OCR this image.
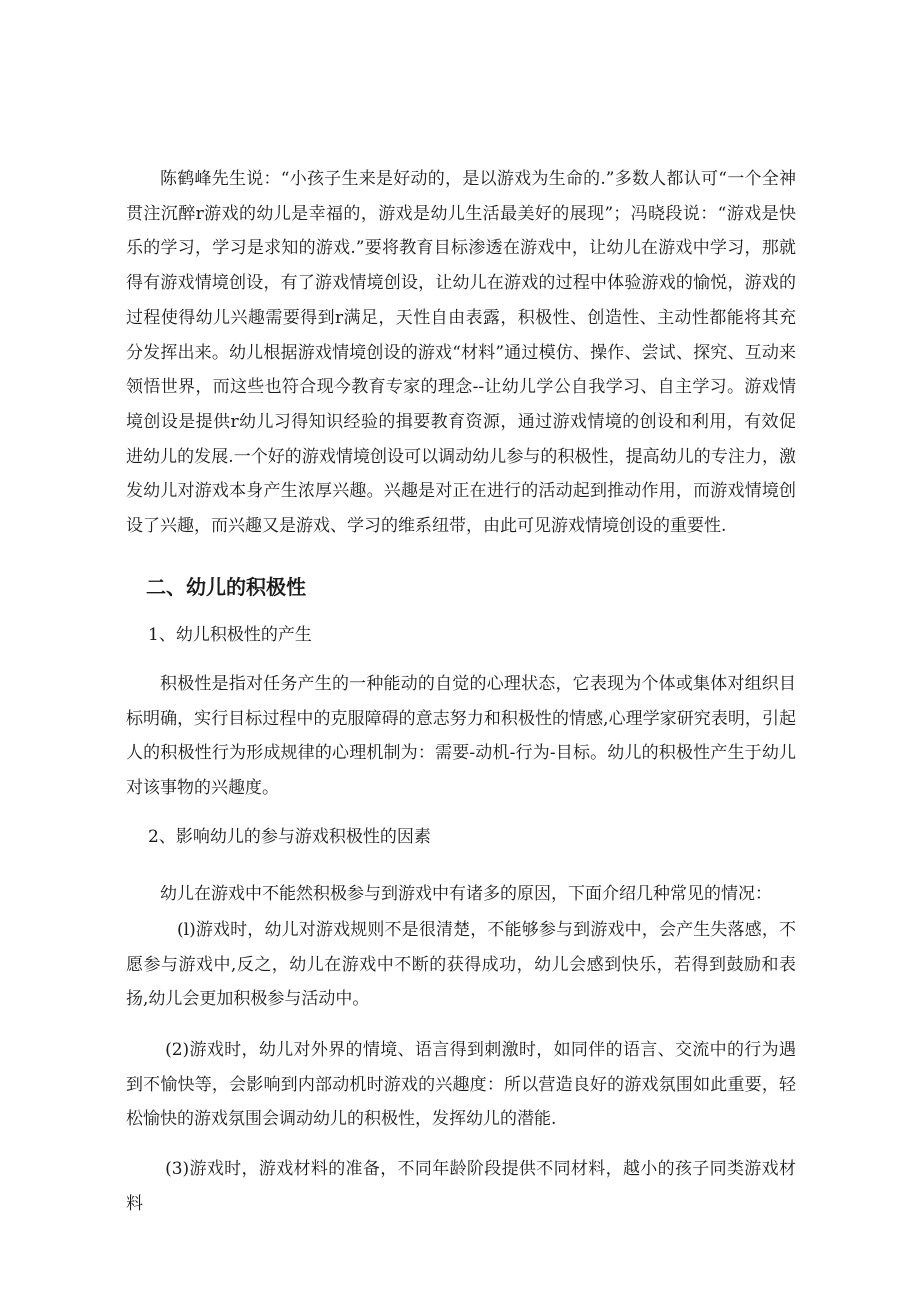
陈鹤峰先生说：“小孩子生来是好动的，是以游戏为生命的.”多数人都认可“一个全神贯注沉醉r游戏的幼儿是幸福的，游戏是幼儿生活最美好的展现”；冯晓段说：“游戏是快乐的学习，学习是求知的游戏.”要将教育目标渗透在游戏中，让幼儿在游戏中学习，那就得有游戏情境创设，有了游戏情境创设，让幼儿在游戏的过程中体验游戏的愉悦，游戏的过程使得幼儿兴趣需要得到r满足，天性自由表露，积极性、创造性、主动性都能将其充分发挥出来。幼儿根据游戏情境创设的游戏“材料”通过模仿、操作、尝试、探究、互动来领悟世界，而这些也符合现今教育专家的理念--让幼儿学公自我学习、自主学习。游戏情境创设是提供r幼儿习得知识经验的揖要教育资源，通过游戏情境的创设和利用，有效促进幼儿的发展.一个好的游戏情境创设可以调动幼儿参与的积极性，提高幼儿的专注力，激发幼儿对游戏本身产生浓厚兴趣。兴趣是对正在进行的活动起到推动作用，而游戏情境创设了兴趣，而兴趣又是游戏、学习的维系纽带，由此可见游戏情境创设的重要性.

二、幼儿的积极性
1、幼儿积极性的产生

积极性是指对任务产生的一种能动的自觉的心理状态，它表现为个体或集体对组织目标明确，实行目标过程中的克服障碍的意志努力和积极性的情感,心理学家研究表明，引起人的积极性行为形成规律的心理机制为：需要-动机-行为-目标。幼儿的积极性产生于幼儿对该事物的兴趣度。

2、影响幼儿的参与游戏积极性的因素

幼儿在游戏中不能然积极参与到游戏中有诸多的原因，下面介绍几种常见的情况：

(l)游戏时，幼儿对游戏规则不是很清楚，不能够参与到游戏中，会产生失落感，不愿参与游戏中,反之，幼儿在游戏中不断的获得成功，幼儿会感到快乐，若得到鼓励和表扬,幼儿会更加积极参与活动中。

(2)游戏时，幼儿对外界的情境、语言得到刺激时，如同伴的语言、交流中的行为遇到不愉快等，会影响到内部动机时游戏的兴趣度：所以营造良好的游戏氛围如此重要，轻松愉快的游戏氛围会调动幼儿的积极性，发挥幼儿的潜能.

(3)游戏时，游戏材料的准备，不同年龄阶段提供不同材料，越小的孩子同类游戏材料
